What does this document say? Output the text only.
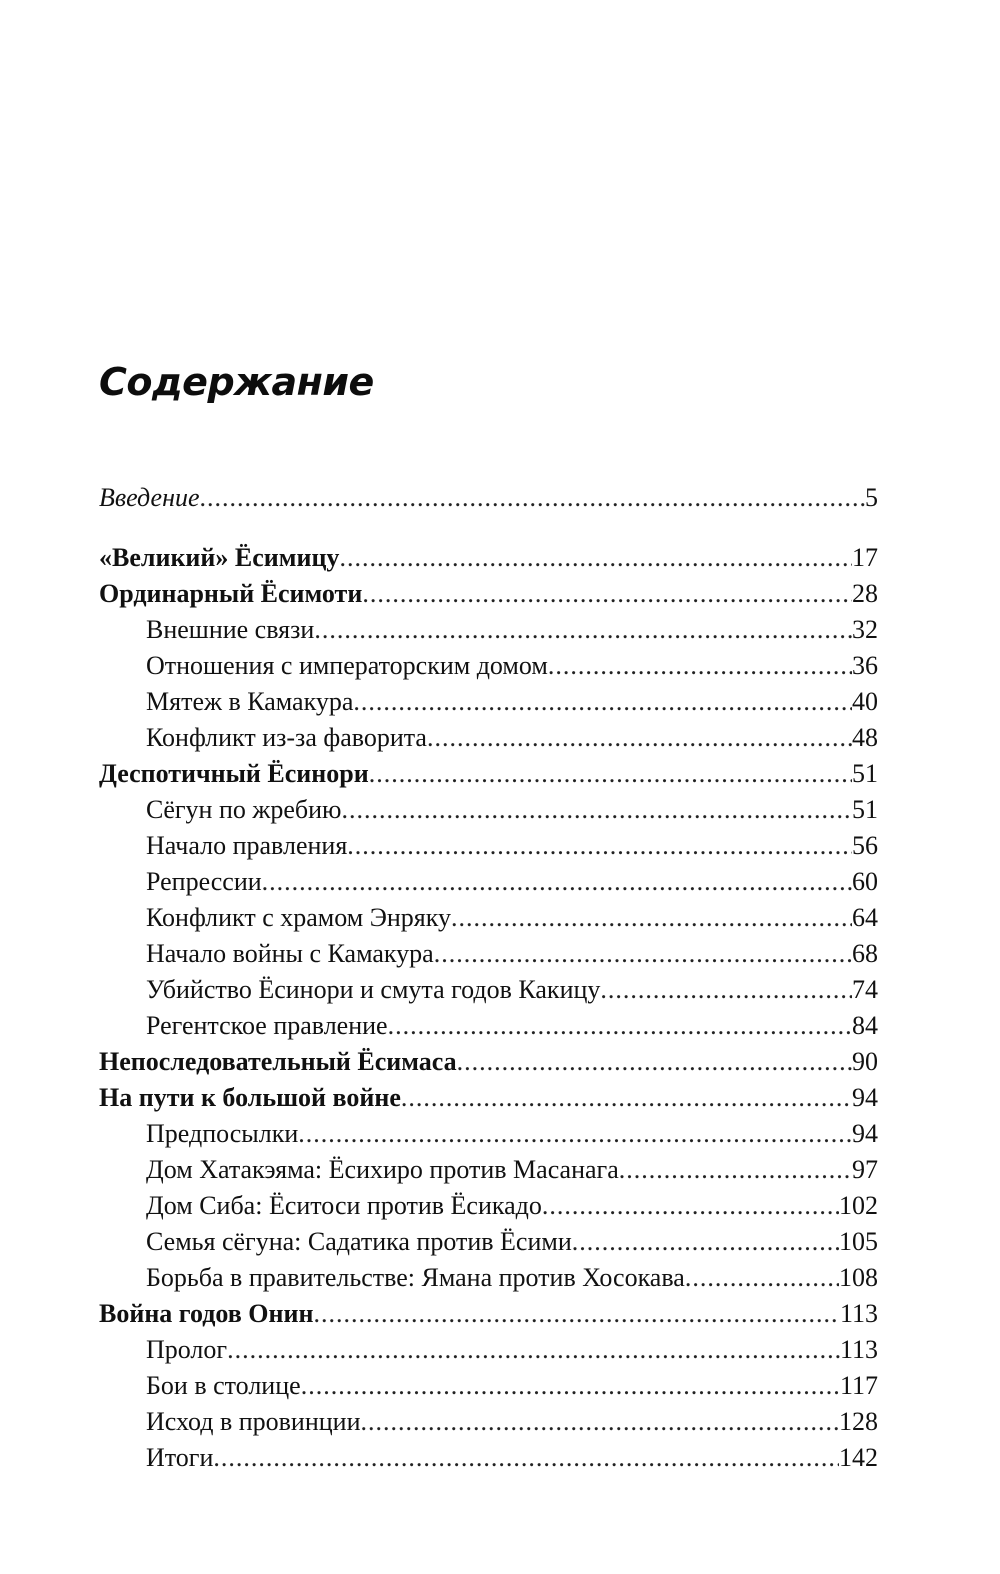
Содержание
Введение .....	5
«Великий» Ёсимицу .....	17
Ординарный Ёсимоти .....	28
Внешние связи .....	32
Отношения с императорским домом .....	36
Мятеж в Камакура .....	40
Конфликт из-за фаворита .....	48
Деспотичный Ёсинори .....	51
Сёгун по жребию .....	51
Начало правления .....	56
Репрессии .....	60
Конфликт с храмом Энряку .....	64
Начало войны с Камакура .....	68
Убийство Ёсинори и смута годов Какицу .....	74
Регентское правление .....	84
Непоследовательный Ёсимаса .....	90
На пути к большой войне .....	94
Предпосылки .....	94
Дом Хатакэяма: Ёсихиро против Масанага .....	97
Дом Сиба: Ёситоси против Ёсикадо .....	102
Семья сёгуна: Садатика против Ёсими .....	105
Борьба в правительстве: Ямана против Хосокава .....	108
Война годов Онин .....	113
Пролог .....	113
Бои в столице .....	117
Исход в провинции .....	128
Итоги .....	142
